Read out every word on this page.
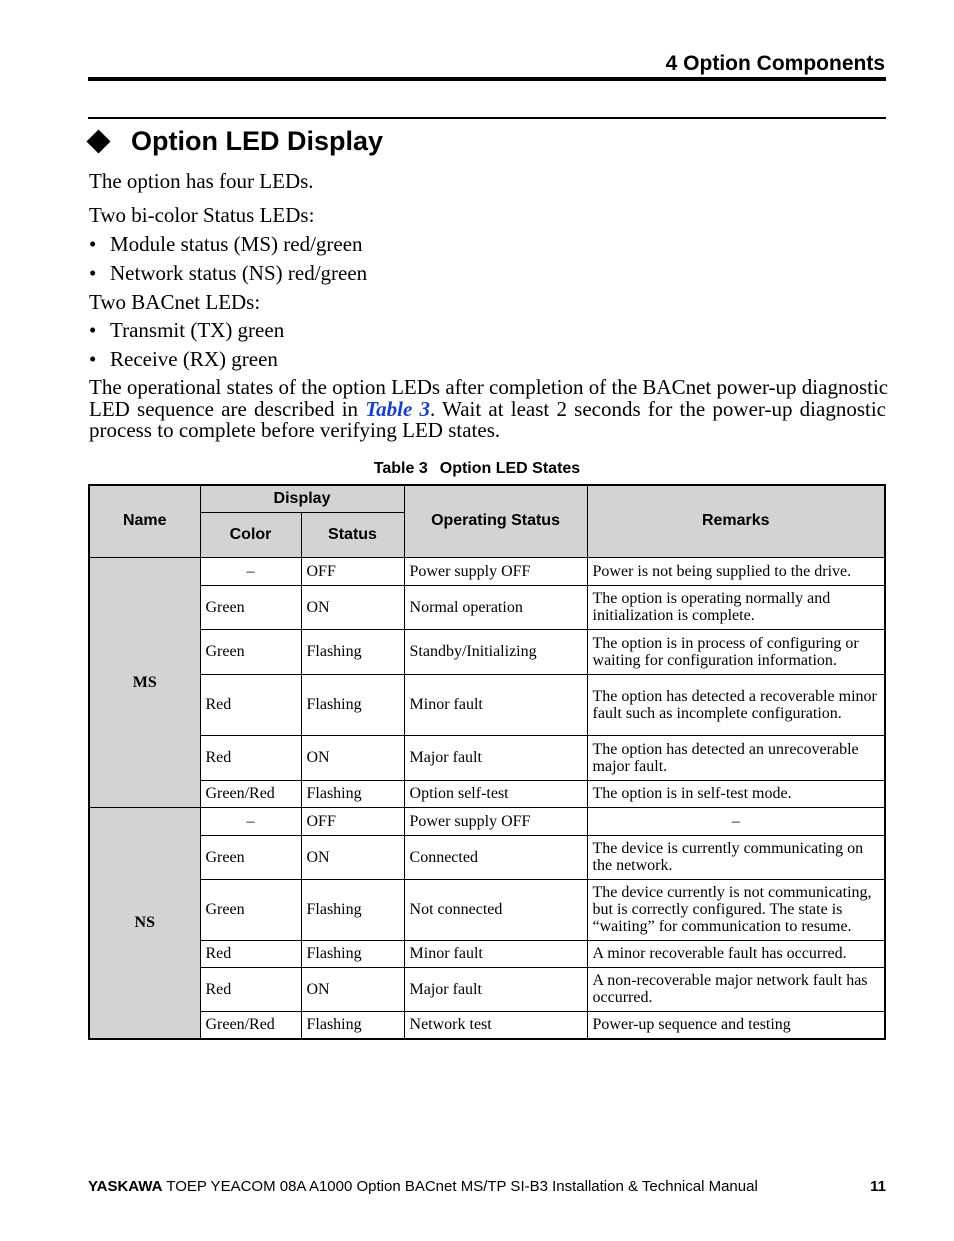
4 Option Components
Option LED Display
The option has four LEDs.
Two bi-color Status LEDs:
• Module status (MS) red/green
• Network status (NS) red/green
Two BACnet LEDs:
• Transmit (TX) green
• Receive (RX) green
The operational states of the option LEDs after completion of the BACnet power-up diagnostic
LED sequence are described in Table 3. Wait at least 2 seconds for the power-up diagnostic
process to complete before verifying LED states.
Table 3 Option LED States
Name	Display		Operating Status	Remarks
	Color	Status		
MS	–	OFF	Power supply OFF	Power is not being supplied to the drive.
	Green	ON	Normal operation	The option is operating normally and initialization is complete.
	Green	Flashing	Standby/Initializing	The option is in process of configuring or waiting for configuration information.
	Red	Flashing	Minor fault	The option has detected a recoverable minor fault such as incomplete configuration.
	Red	ON	Major fault	The option has detected an unrecoverable major fault.
	Green/Red	Flashing	Option self-test	The option is in self-test mode.
NS	–	OFF	Power supply OFF	–
	Green	ON	Connected	The device is currently communicating on the network.
	Green	Flashing	Not connected	The device currently is not communicating, but is correctly configured. The state is “waiting” for communication to resume.
	Red	Flashing	Minor fault	A minor recoverable fault has occurred.
	Red	ON	Major fault	A non-recoverable major network fault has occurred.
	Green/Red	Flashing	Network test	Power-up sequence and testing
YASKAWA TOEP YEACOM 08A A1000 Option BACnet MS/TP SI-B3 Installation & Technical Manual	11
